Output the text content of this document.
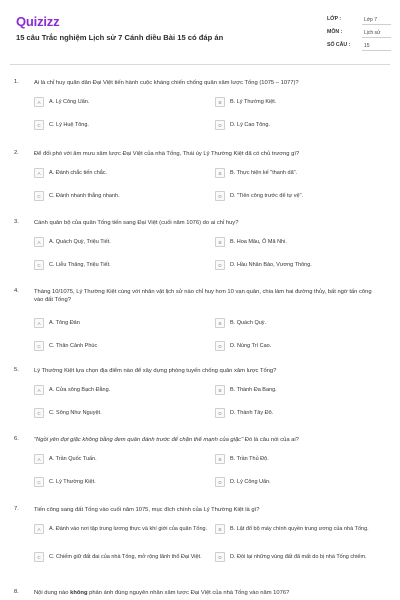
Quizizz
15 câu Trắc nghiệm Lịch sử 7 Cánh diều Bài 15 có đáp án
LỚP :	Lớp 7
MÔN :	Lịch sử
SỐ CÂU :	15
1.	Ai là chỉ huy quân dân Đại Việt tiến hành cuộc kháng chiến chống quân xâm lược Tống (1075 – 1077)?
A	A. Lý Công Uẩn.	B	B. Lý Thường Kiệt.
C	C. Lý Huệ Tông.	D	D. Lý Cao Tông.
2.	Để đối phó với âm mưu xâm lược Đại Việt của nhà Tống, Thái úy Lý Thường Kiệt đã có chủ trương gì?
A	A. Đánh chắc tiến chắc.	B	B. Thực hiện kế "thanh dã".
C	C. Đánh nhanh thắng nhanh.	D	D. "Tiên công trước để tự vệ".
3.	Cánh quân bộ của quân Tống tiến sang Đại Việt (cuối năm 1076) do ai chỉ huy?
A	A. Quách Quỳ, Triệu Tiết.	B	B. Hoa Mâu, Ô Mã Nhi.
C	C. Liễu Thăng, Triệu Tiết.	D	D. Hầu Nhân Bảo, Vương Thông.
4.	Tháng 10/1075, Lý Thường Kiệt cùng với nhân vật lịch sử nào chỉ huy hơn 10 vạn quân, chia làm hai đường thủy, bất ngờ tấn công vào đất Tống?
A	A. Tông Đản	B	B. Quách Quỳ.
C	C. Thân Cảnh Phúc	D	D. Nùng Trí Cao.
5.	Lý Thường Kiệt lựa chọn địa điểm nào để xây dựng phòng tuyến chống quân xâm lược Tống?
A	A. Cửa sông Bạch Đằng.	B	B. Thành Đa Bang.
C	C. Sông Như Nguyệt.	D	D. Thành Tây Đô.
6.	"Ngồi yên đợi giặc không bằng đem quân đánh trước để chặn thế mạnh của giặc" Đó là câu nói của ai?
A	A. Trần Quốc Tuấn.	B	B. Trần Thủ Độ.
C	C. Lý Thường Kiệt.	D	D. Lý Công Uẩn.
7.	Tiến công sang đất Tống vào cuối năm 1075, mục đích chính của Lý Thường Kiệt là gì?
A	A. Đánh vào nơi tập trung lương thực và khí giới của quân Tống.	B	B. Lật đổ bộ máy chính quyền trung ương của nhà Tống.
C	C. Chiếm giữ đất đai của nhà Tống, mở rộng lãnh thổ Đại Việt.	D	D. Đòi lại những vùng đất đã mất do bị nhà Tống chiếm.
8.	Nội dung nào không phản ánh đúng nguyên nhân xâm lược Đại Việt của nhà Tống vào năm 1076?
